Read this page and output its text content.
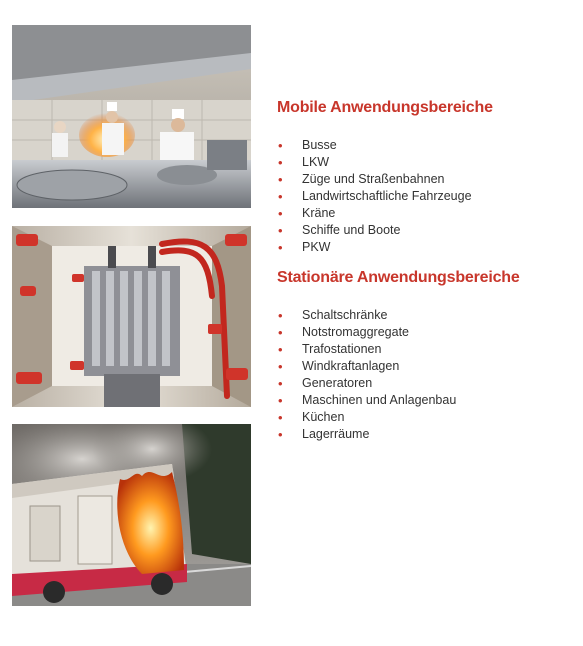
Mobile Anwendungsbereiche
• Busse
• LKW
• Züge und Straßenbahnen
• Landwirtschaftliche Fahrzeuge
• Kräne
• Schiffe und Boote
• PKW
Stationäre Anwendungsbereiche
• Schaltschränke
• Notstromaggregate
• Trafostationen
• Windkraftanlagen
• Generatoren
• Maschinen und Anlagenbau
• Küchen
• Lagerräume
